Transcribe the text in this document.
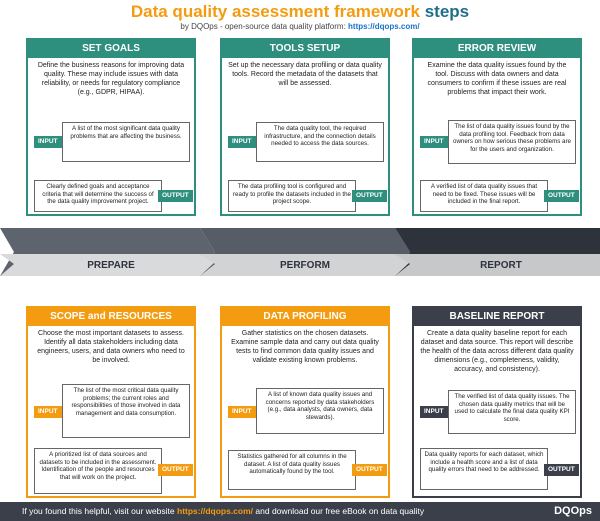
Data quality assessment framework steps
by DQOps - open-source data quality platform: https://dqops.com/
SET GOALS
Define the business reasons for improving data quality. These may include issues with data reliability, or needs for regulatory compliance (e.g., GDPR, HIPAA).
INPUT
A list of the most significant data quality problems that are affecting the business.
Clearly defined goals and acceptance criteria that will determine the success of the data quality improvement project.
OUTPUT
TOOLS SETUP
Set up the necessary data profiling or data quality tools. Record the metadata of the datasets that will be assessed.
INPUT
The data quality tool, the required infrastructure, and the connection details needed to access the data sources.
The data profiling tool is configured and ready to profile the datasets included in the project scope.
OUTPUT
ERROR REVIEW
Examine the data quality issues found by the tool. Discuss with data owners and data consumers to confirm if these issues are real problems that impact their work.
INPUT
The list of data quality issues found by the data profiling tool. Feedback from data owners on how serious these problems are for the users and organization.
A verified list of data quality issues that need to be fixed. These issues will be included in the final report.
OUTPUT
PREPARE	PERFORM	REPORT
SCOPE and RESOURCES
Choose the most important datasets to assess. Identify all data stakeholders including data engineers, users, and data owners who need to be involved.
INPUT
The list of the most critical data quality problems; the current roles and responsibilities of those involved in data management and data consumption.
A prioritized list of data sources and datasets to be included in the assessment. Identification of the people and resources that will work on the project.
OUTPUT
DATA PROFILING
Gather statistics on the chosen datasets. Examine sample data and carry out data quality tests to find common data quality issues and validate existing known problems.
INPUT
A list of known data quality issues and concerns reported by data stakeholders (e.g., data analysts, data owners, data stewards).
Statistics gathered for all columns in the dataset. A list of data quality issues automatically found by the tool.	OUTPUT
BASELINE REPORT
Create a data quality baseline report for each dataset and data source. This report will describe the health of the data across different data quality dimensions (e.g., completeness, validity, accuracy, and consistency).
INPUT
The verified list of data quality issues. The chosen data quality metrics that will be used to calculate the final data quality KPI score.
Data quality reports for each dataset, which include a health score and a list of data quality errors that need to be addressed.	OUTPUT
If you found this helpful, visit our website https://dqops.com/ and download our free eBook on data quality	DQOps
